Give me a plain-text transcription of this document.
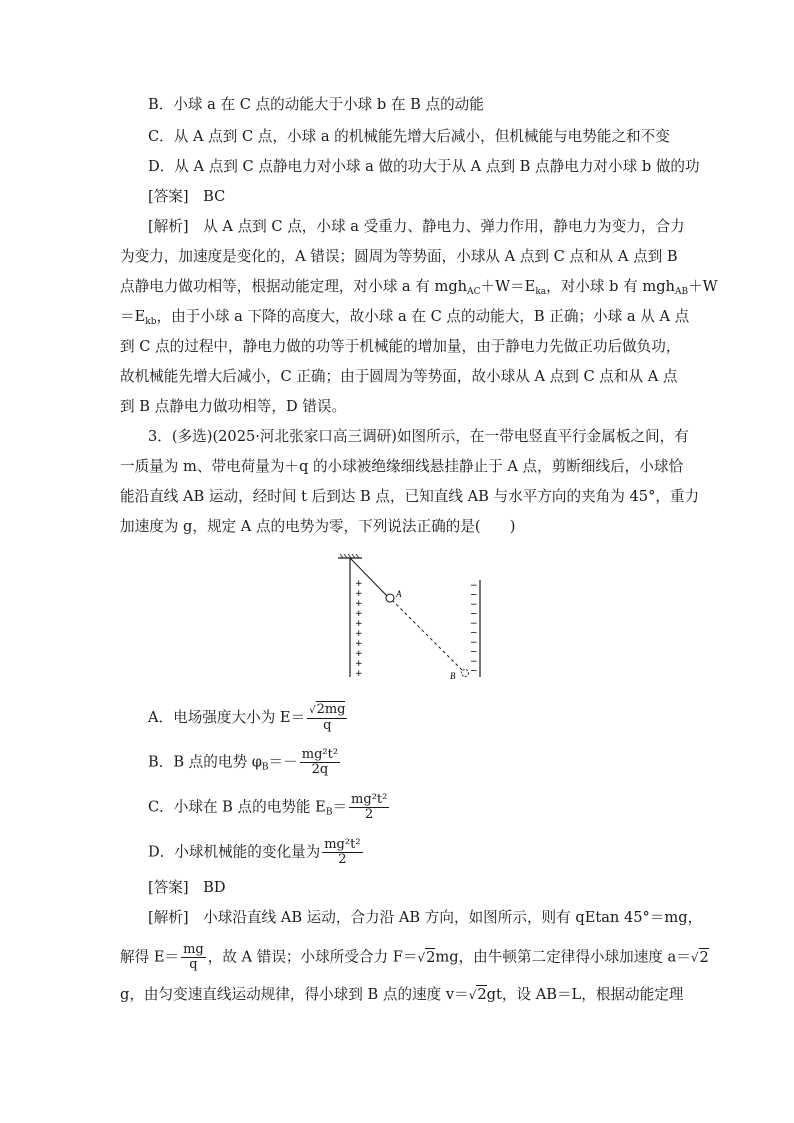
B．小球 a 在 C 点的动能大于小球 b 在 B 点的动能
C．从 A 点到 C 点，小球 a 的机械能先增大后减小，但机械能与电势能之和不变
D．从 A 点到 C 点静电力对小球 a 做的功大于从 A 点到 B 点静电力对小球 b 做的功
[答案]　BC
[解析]　从 A 点到 C 点，小球 a 受重力、静电力、弹力作用，静电力为变力，合力
为变力，加速度是变化的，A 错误；圆周为等势面，小球从 A 点到 C 点和从 A 点到 B
点静电力做功相等，根据动能定理，对小球 a 有 $mgh_{AC}+W=E_{ka}$，对小球 b 有 mgh$_{AB}$＋W
$=E_{kb}$，由于小球 a 下降的高度大，故小球 a 在 C 点的动能大，B 正确；小球 a 从 A 点
到 C 点的过程中，静电力做的功等于机械能的增加量，由于静电力先做正功后做负功，
故机械能先增大后减小，C 正确；由于圆周为等势面，故小球从 A 点到 C 点和从 A 点
到 B 点静电力做功相等，D 错误。
3．(多选)(2025·河北张家口高三调研)如图所示，在一带电竖直平行金属板之间，有
一质量为 m、带电荷量为＋q 的小球被绝缘细线悬挂静止于 A 点，剪断细线后，小球恰
能沿直线 AB 运动，经时间 t 后到达 B 点，已知直线 AB 与水平方向的夹角为 45°，重力
加速度为 g，规定 A 点的电势为零，下列说法正确的是(　　)
+
+
+
+
+
+
+
+
+
+
−
−
−
−
−
−
−
−
−
−
A
B
A．电场强度大小为 $E= \frac{√2mg}{q}$
B．B 点的电势 $\varphi_B=- \frac{\text{mg²t²}}{2q}$
C．小球在 B 点的电势能 $E_B= \frac{\text{mg²t²}}{2}$
D．小球机械能的变化量为 $\frac{\text{mg²t²}}{2}$
[答案]　BD
[解析]　小球沿直线 AB 运动，合力沿 AB 方向，如图所示，则有 qEtan 45°＝mg，
解得 $E= \frac{mg}{q}$ ，故 A 错误；小球所受合力 F＝√2mg，由牛顿第二定律得小球加速度 a＝√2
g，由匀变速直线运动规律，得小球到 B 点的速度 v＝√2gt，设 AB＝L，根据动能定理
